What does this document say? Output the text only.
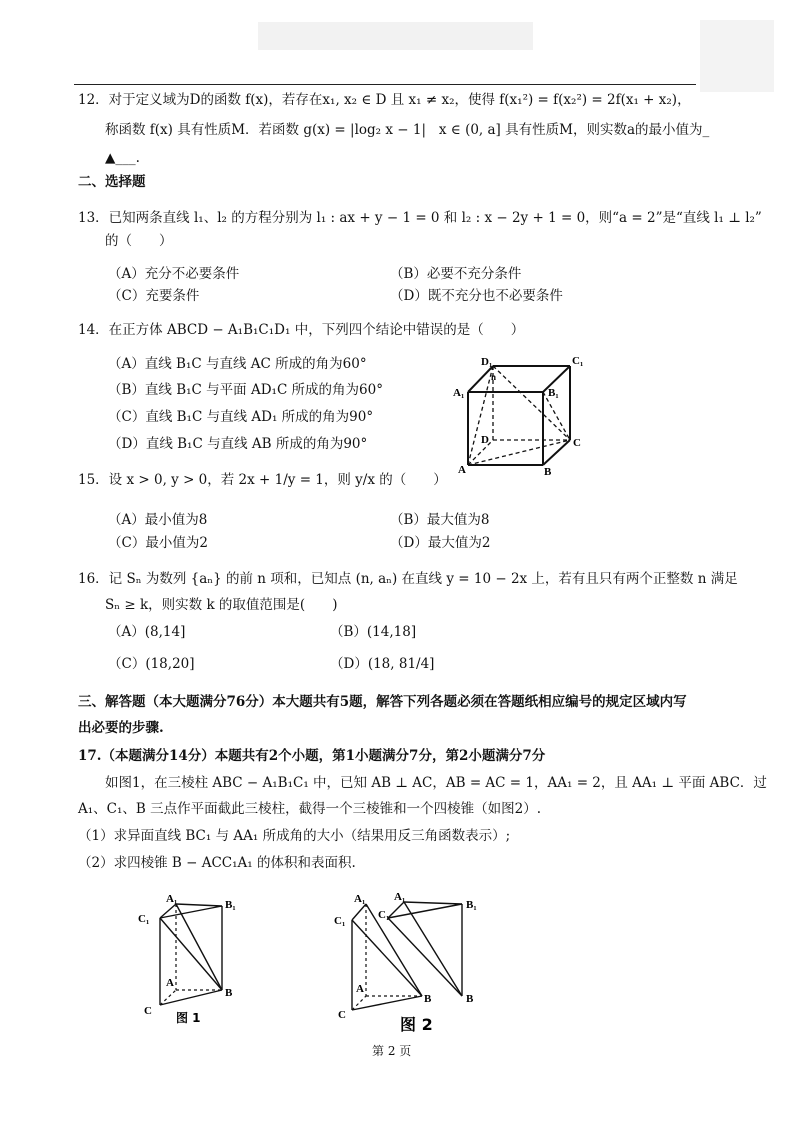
12．对于定义域为D的函数 f(x)，若存在x₁, x₂ ∈ D 且 x₁ ≠ x₂，使得 f(x₁²) = f(x₂²) = 2f(x₁ + x₂)，
称函数 f(x) 具有性质M．若函数 g(x) = |log₂ x − 1|   x ∈ (0, a] 具有性质M，则实数a的最小值为_
▲___.
二、选择题
13．已知两条直线 l₁、l₂ 的方程分别为 l₁ : ax + y − 1 = 0 和 l₂ : x − 2y + 1 = 0，则“a = 2”是“直线 l₁ ⊥ l₂”
的（　　）
（A）充分不必要条件	（B）必要不充分条件
（C）充要条件	（D）既不充分也不必要条件
14．在正方体 ABCD − A₁B₁C₁D₁ 中，下列四个结论中错误的是（　　）
（A）直线 B₁C 与直线 AC 所成的角为60°
（B）直线 B₁C 与平面 AD₁C 所成的角为60°
（C）直线 B₁C 与直线 AD₁ 所成的角为90°
（D）直线 B₁C 与直线 AB 所成的角为90°
D₁	C₁
A₁	B₁
D	C
A	B
n
15．设 x > 0, y > 0，若 2x + 1/y = 1，则 y/x 的（　　）
（A）最小值为8	（B）最大值为8
（C）最小值为2	（D）最大值为2
16．记 Sₙ 为数列 {aₙ} 的前 n 项和，已知点 (n, aₙ) 在直线 y = 10 − 2x 上，若有且只有两个正整数 n 满足
Sₙ ≥ k，则实数 k 的取值范围是(　　)
（A）(8,14]	（B）(14,18]
（C）(18,20]	（D）(18, 81/4]
三、解答题（本大题满分76分）本大题共有5题，解答下列各题必须在答题纸相应编号的规定区域内写
出必要的步骤.
17.（本题满分14分）本题共有2个小题，第1小题满分7分，第2小题满分7分
如图1，在三棱柱 ABC − A₁B₁C₁ 中，已知 AB ⊥ AC，AB = AC = 1，AA₁ = 2，且 AA₁ ⊥ 平面 ABC．过
A₁、C₁、B 三点作平面截此三棱柱，截得一个三棱锥和一个四棱锥（如图2）.
（1）求异面直线 BC₁ 与 AA₁ 所成角的大小（结果用反三角函数表示）;
（2）求四棱锥 B − ACC₁A₁ 的体积和表面积.
A₁	B₁
C₁
A
B
C 图 1
A₁
C₁
A
B
C
A₁
C₁
B₁
B
图 2
第 2 页
